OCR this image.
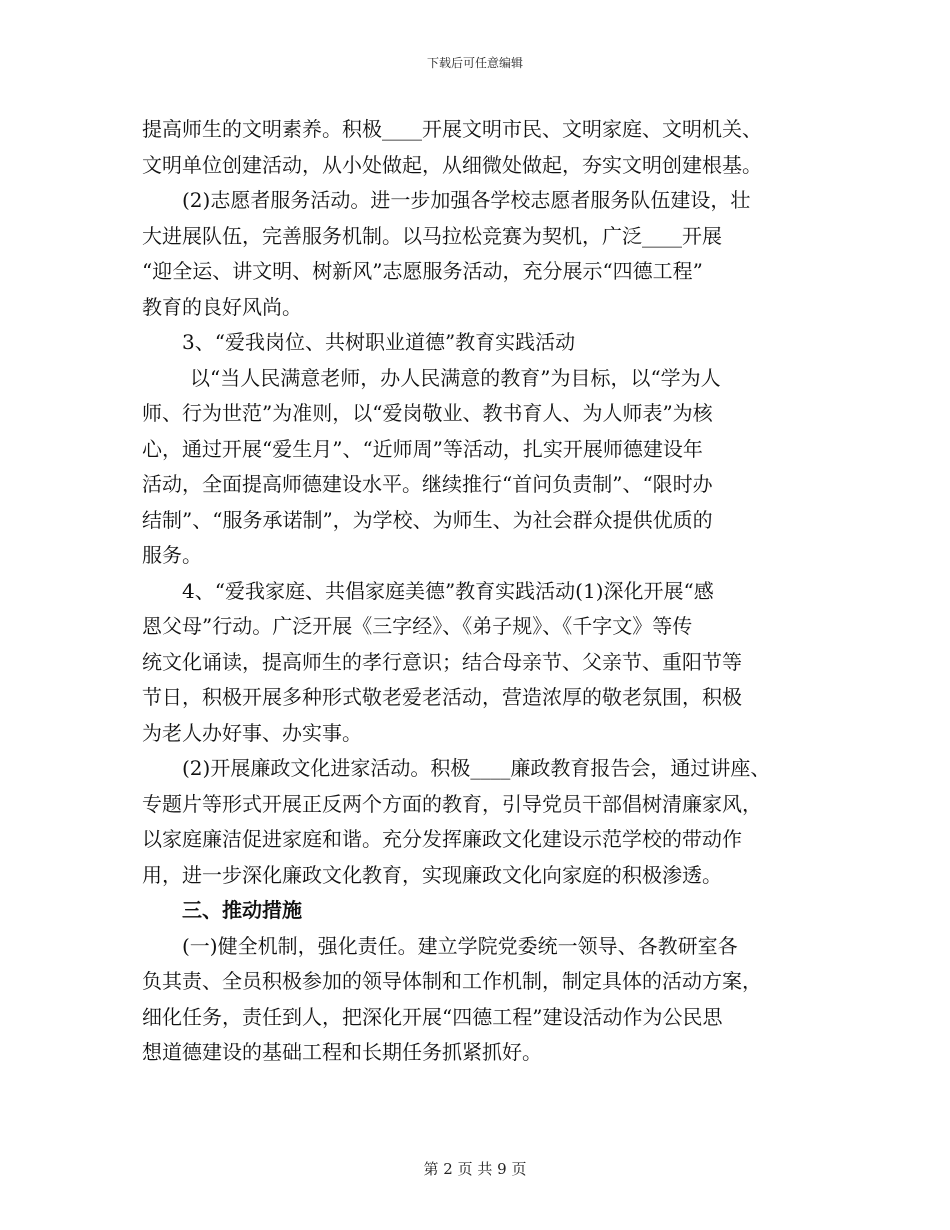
下载后可任意编辑
提高师生的文明素养。积极____开展文明市民、文明家庭、文明机关、
文明单位创建活动，从小处做起，从细微处做起，夯实文明创建根基。
(2)志愿者服务活动。进一步加强各学校志愿者服务队伍建设，壮
大进展队伍，完善服务机制。以马拉松竞赛为契机，广泛____开展
“迎全运、讲文明、树新风”志愿服务活动，充分展示“四德工程”
教育的良好风尚。
3、“爱我岗位、共树职业道德”教育实践活动
以“当人民满意老师，办人民满意的教育”为目标，以“学为人
师、行为世范”为准则，以“爱岗敬业、教书育人、为人师表”为核
心，通过开展“爱生月”、“近师周”等活动，扎实开展师德建设年
活动，全面提高师德建设水平。继续推行“首问负责制”、“限时办
结制”、“服务承诺制”，为学校、为师生、为社会群众提供优质的
服务。
4、“爱我家庭、共倡家庭美德”教育实践活动(1)深化开展“感
恩父母”行动。广泛开展《三字经》、《弟子规》、《千字文》等传
统文化诵读，提高师生的孝行意识；结合母亲节、父亲节、重阳节等
节日，积极开展多种形式敬老爱老活动，营造浓厚的敬老氛围，积极
为老人办好事、办实事。
(2)开展廉政文化进家活动。积极____廉政教育报告会，通过讲座、
专题片等形式开展正反两个方面的教育，引导党员干部倡树清廉家风，
以家庭廉洁促进家庭和谐。充分发挥廉政文化建设示范学校的带动作
用，进一步深化廉政文化教育，实现廉政文化向家庭的积极渗透。
三、推动措施
(一)健全机制，强化责任。建立学院党委统一领导、各教研室各
负其责、全员积极参加的领导体制和工作机制，制定具体的活动方案，
细化任务，责任到人，把深化开展“四德工程”建设活动作为公民思
想道德建设的基础工程和长期任务抓紧抓好。
第 2 页 共 9 页
